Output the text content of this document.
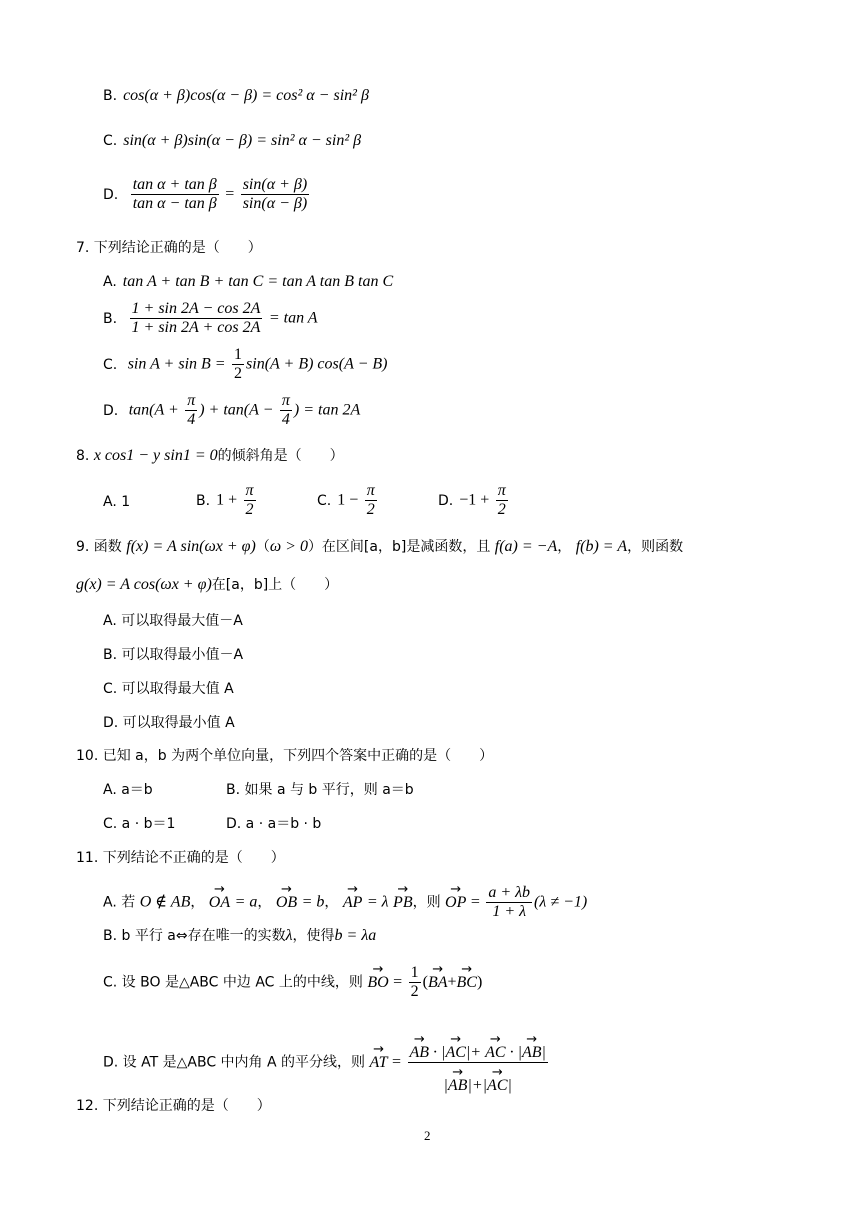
B. cos(α + β)cos(α − β) = cos² α − sin² β
C. sin(α + β)sin(α − β) = sin² α − sin² β
D. $\frac{\text{tan α + tan β}}{\text{tan α − tan β}} = \frac{\sin(\alpha + \beta)}{\sin(\alpha - \beta)}$
7. 下列结论正确的是（　　）
A. tan A + tan B + tan C = tan A tan B tan C
B. $\frac{1 + \sin 2A - \cos 2A}{1 + \sin 2A + \cos 2A} = \tan A$
C. $\sin A + \sin B = \frac{1}{2} \sin(A + B) \cos(A - B)$
D. $\tan(A + \frac{\pi}{4}$ ) + $\tan(A - \frac{\pi}{4}$ ) = tan 2A
8. x cos1 − y sin1 = 0的倾斜角是（　　）
A. 1	B. $1 + \frac{\pi}{2}$	C. $1 - \frac{\pi}{2}$	D. $-1 + \frac{\pi}{2}$
9. 函数 f(x) = A sin(ωx + φ)（ω > 0）在区间[a，b]是减函数，且 f(a) = −A， f(b) = A，则函数
g(x) = A cos(ωx + φ)在[a，b]上（　　）
A. 可以取得最大值－A
B. 可以取得最小值－A
C. 可以取得最大值 A
D. 可以取得最小值 A
10. 已知 a，b 为两个单位向量，下列四个答案中正确的是（　　）
A. a＝b	B. 如果 a 与 b 平行，则 a＝b
C. a · b＝1	D. a · a＝b · b
11. 下列结论不正确的是（　　）
A. 若 O ∉ AB， → OA = a， → OB = b， → AP = λ → PB，则 → OP = $\frac{a + \lambda b}{1 + \lambda} (\lambda \ne -1)$
B. b 平行 a⇔存在唯一的实数λ，使得b = λa
C. 设 BO 是△ABC 中边 AC 上的中线，则 → BO = $\frac{1}{2}$ (→ BA+→ BC)
D. 设 AT 是△ABC 中内角 A 的平分线，则 → AT = → $\frac{AB \cdot |\to AC|+ \to AC \cdot |\to AB|}{|\to AB|+|\to AC|}$
12. 下列结论正确的是（　　）
2
